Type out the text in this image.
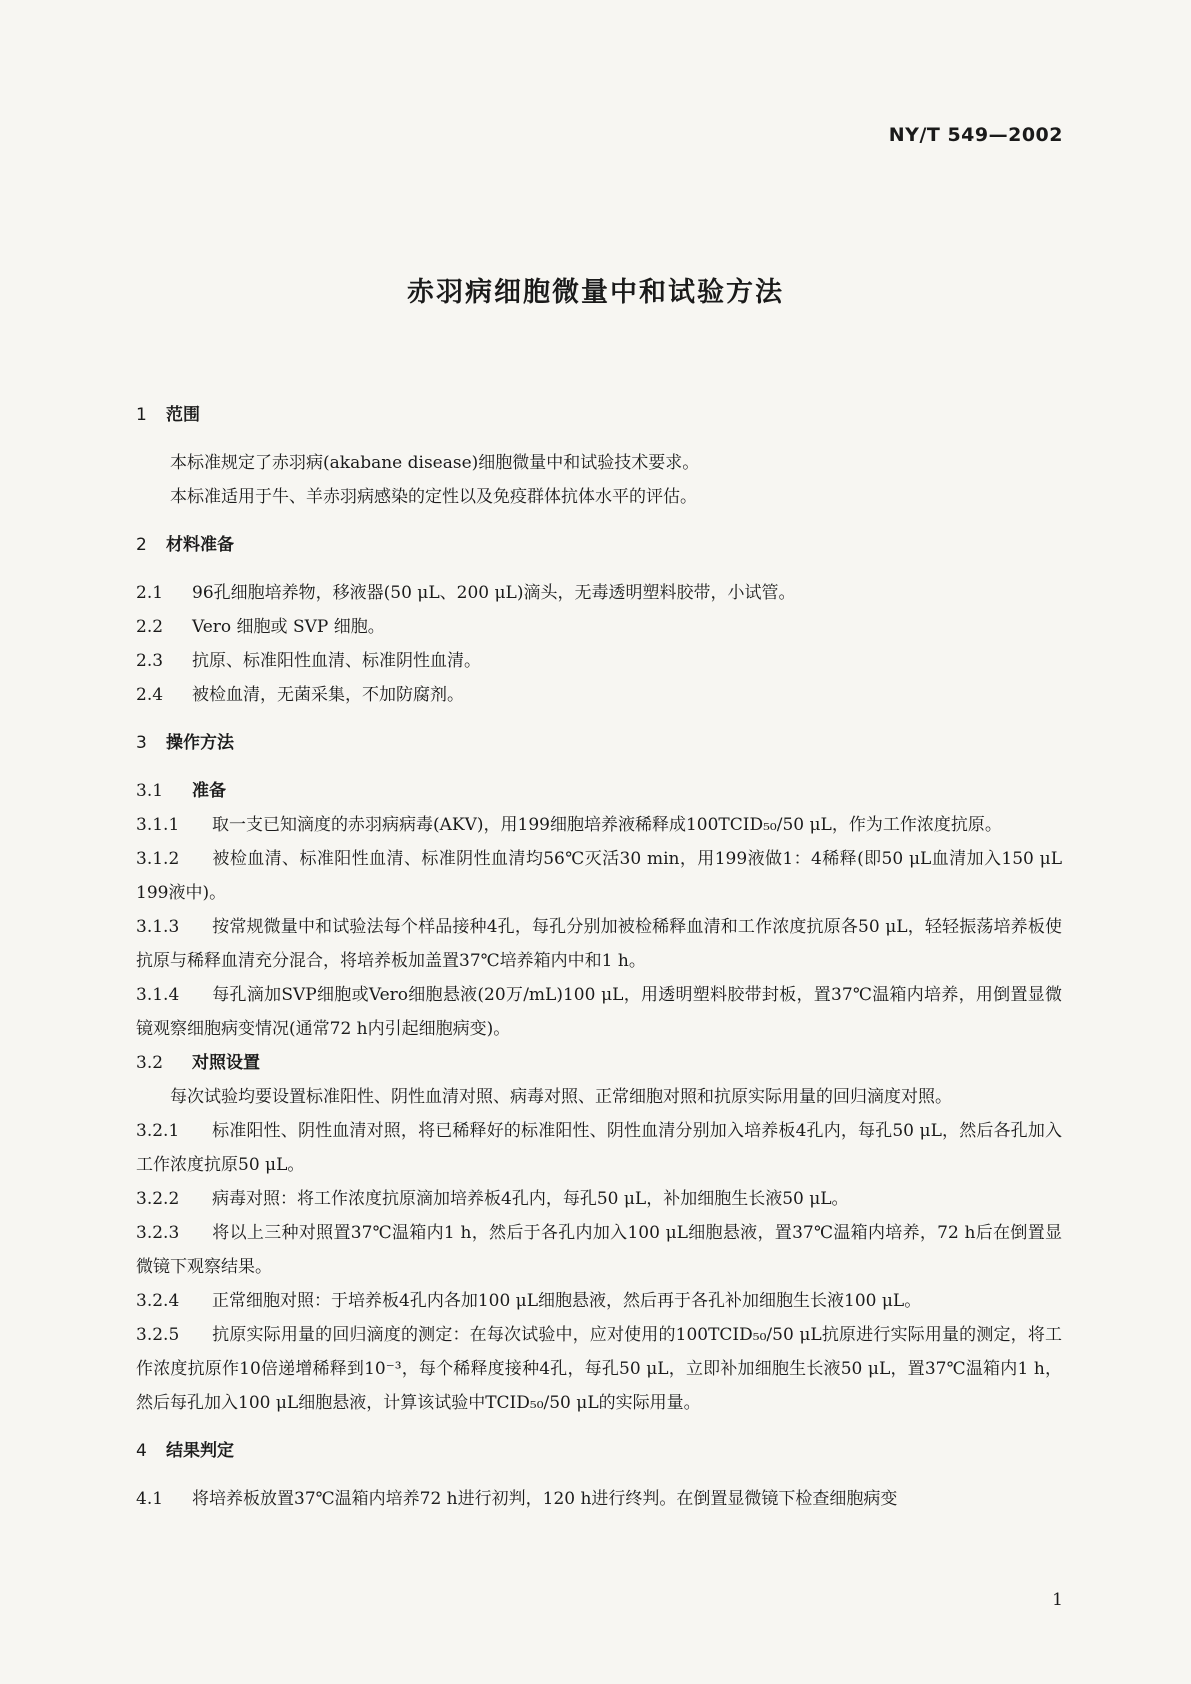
NY/T 549—2002
赤羽病细胞微量中和试验方法
1 范围

本标准规定了赤羽病(akabane disease)细胞微量中和试验技术要求。

本标准适用于牛、羊赤羽病感染的定性以及免疫群体抗体水平的评估。

2 材料准备

2.1 96孔细胞培养物，移液器(50 μL、200 μL)滴头，无毒透明塑料胶带，小试管。

2.2 Vero 细胞或 SVP 细胞。

2.3 抗原、标准阳性血清、标准阴性血清。

2.4 被检血清，无菌采集，不加防腐剂。

3 操作方法
3.1 准备

3.1.1 取一支已知滴度的赤羽病病毒(AKV)，用199细胞培养液稀释成100TCID₅₀/50 μL，作为工作浓度抗原。

3.1.2 被检血清、标准阳性血清、标准阴性血清均56℃灭活30 min，用199液做1：4稀释(即50 μL血清加入150 μL 199液中)。

3.1.3 按常规微量中和试验法每个样品接种4孔，每孔分别加被检稀释血清和工作浓度抗原各50 μL，轻轻振荡培养板使抗原与稀释血清充分混合，将培养板加盖置37℃培养箱内中和1 h。

3.1.4 每孔滴加SVP细胞或Vero细胞悬液(20万/mL)100 μL，用透明塑料胶带封板，置37℃温箱内培养，用倒置显微镜观察细胞病变情况(通常72 h内引起细胞病变)。

3.2 对照设置

每次试验均要设置标准阳性、阴性血清对照、病毒对照、正常细胞对照和抗原实际用量的回归滴度对照。

3.2.1 标准阳性、阴性血清对照，将已稀释好的标准阳性、阴性血清分别加入培养板4孔内，每孔50 μL，然后各孔加入工作浓度抗原50 μL。

3.2.2 病毒对照：将工作浓度抗原滴加培养板4孔内，每孔50 μL，补加细胞生长液50 μL。

3.2.3 将以上三种对照置37℃温箱内1 h，然后于各孔内加入100 μL细胞悬液，置37℃温箱内培养，72 h后在倒置显微镜下观察结果。

3.2.4 正常细胞对照：于培养板4孔内各加100 μL细胞悬液，然后再于各孔补加细胞生长液100 μL。

3.2.5 抗原实际用量的回归滴度的测定：在每次试验中，应对使用的100TCID₅₀/50 μL抗原进行实际用量的测定，将工作浓度抗原作10倍递增稀释到10⁻³，每个稀释度接种4孔，每孔50 μL，立即补加细胞生长液50 μL，置37℃温箱内1 h，然后每孔加入100 μL细胞悬液，计算该试验中TCID₅₀/50 μL的实际用量。

4 结果判定

4.1 将培养板放置37℃温箱内培养72 h进行初判，120 h进行终判。在倒置显微镜下检查细胞病变

1
